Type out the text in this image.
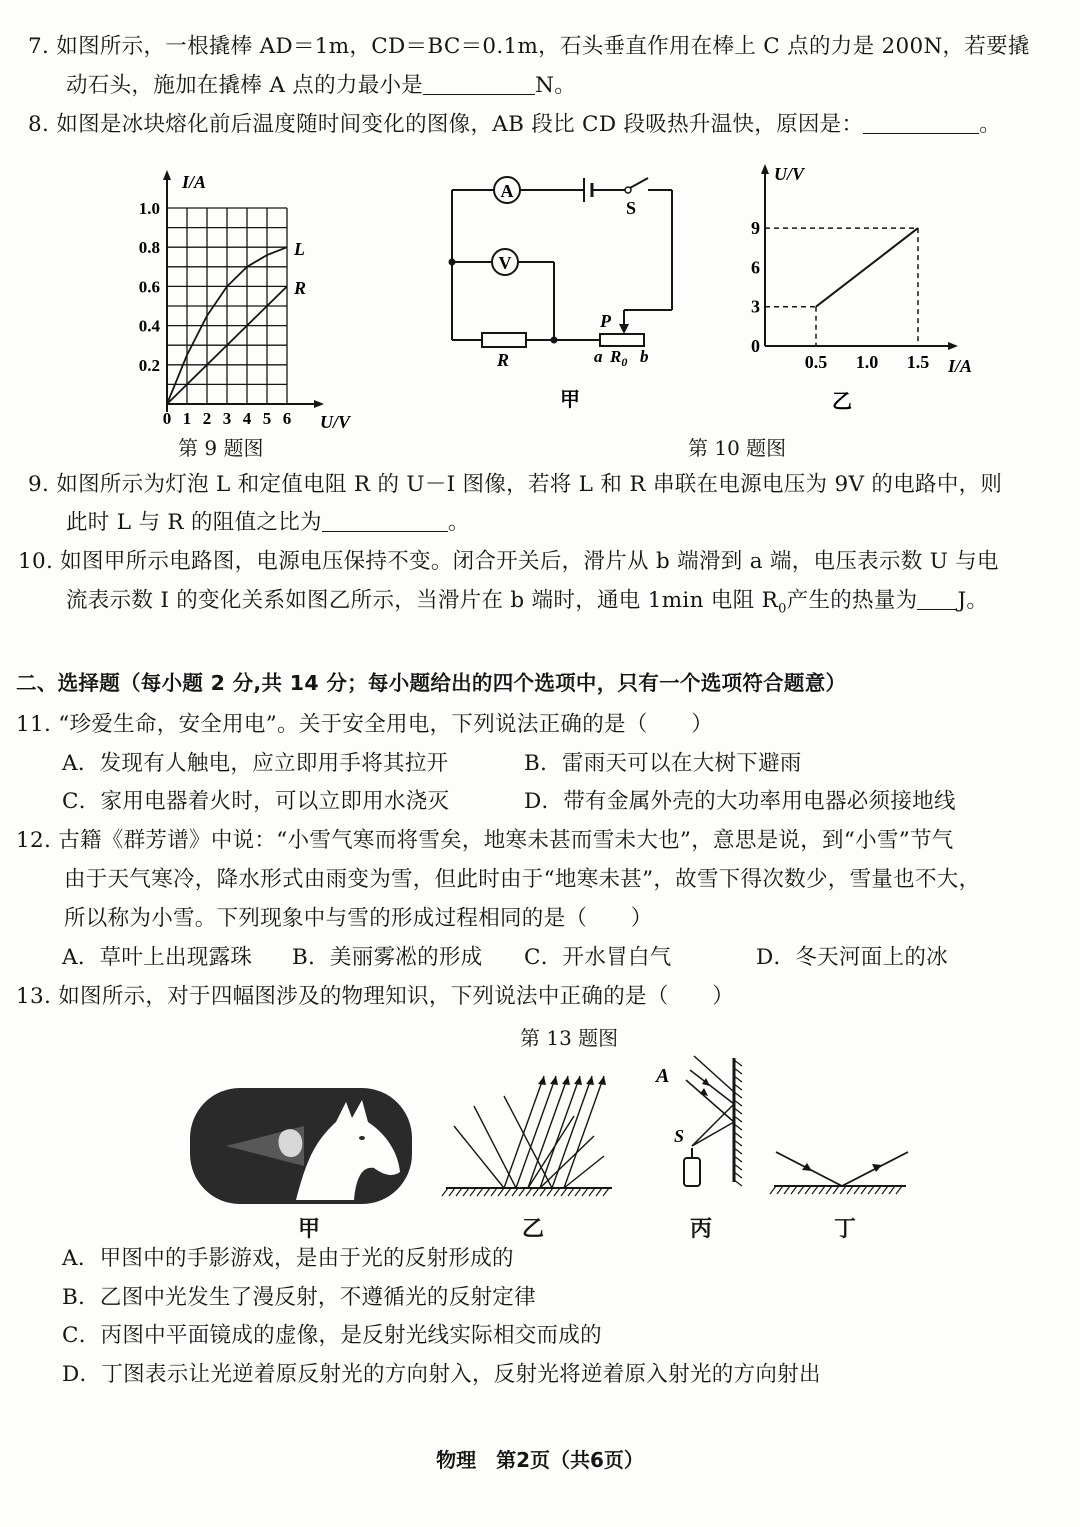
7. 如图所示，一根撬棒 AD＝1m，CD＝BC＝0.1m，石头垂直作用在棒上 C 点的力是 200N，若要撬
动石头，施加在撬棒 A 点的力最小是	N。
8. 如图是冰块熔化前后温度随时间变化的图像，AB 段比 CD 段吸热升温快，原因是：	。
I/A
1.0
0.8
0.6
0.4
0.2
0 1 2 3 4 5 6
L
R
U/V
第 9 题图
A
S
P
V
R	a $R_0$ b
甲
U/V
I/A
9
6
3
0
0.5 1.0 1.5
乙
第 10 题图
9. 如图所示为灯泡 L 和定值电阻 R 的 U－I 图像，若将 L 和 R 串联在电源电压为 9V 的电路中，则
此时 L 与 R 的阻值之比为	。
10. 如图甲所示电路图，电源电压保持不变。闭合开关后，滑片从 b 端滑到 a 端，电压表示数 U 与电
流表示数 I 的变化关系如图乙所示，当滑片在 b 端时，通电 1min 电阻 $R_0$产生的热量为 J。
二、选择题（每小题 2 分,共 14 分；每小题给出的四个选项中，只有一个选项符合题意）
11. “珍爱生命，安全用电”。关于安全用电，下列说法正确的是（　　）
A．发现有人触电，应立即用手将其拉开	B．雷雨天可以在大树下避雨
C．家用电器着火时，可以立即用水浇灭	D．带有金属外壳的大功率用电器必须接地线
12. 古籍《群芳谱》中说：“小雪气寒而将雪矣，地寒未甚而雪未大也”，意思是说，到“小雪”节气
由于天气寒冷，降水形式由雨变为雪，但此时由于“地寒未甚”，故雪下得次数少，雪量也不大，
所以称为小雪。下列现象中与雪的形成过程相同的是（　　）
A．草叶上出现露珠 B．美丽雾凇的形成 C．开水冒白气	D．冬天河面上的冰
13. 如图所示，对于四幅图涉及的物理知识，下列说法中正确的是（　　）
第 13 题图
A
S
甲	乙	丙	丁
A．甲图中的手影游戏，是由于光的反射形成的
B．乙图中光发生了漫反射，不遵循光的反射定律
C．丙图中平面镜成的虚像，是反射光线实际相交而成的
D．丁图表示让光逆着原反射光的方向射入，反射光将逆着原入射光的方向射出
物理　第2页（共6页）
